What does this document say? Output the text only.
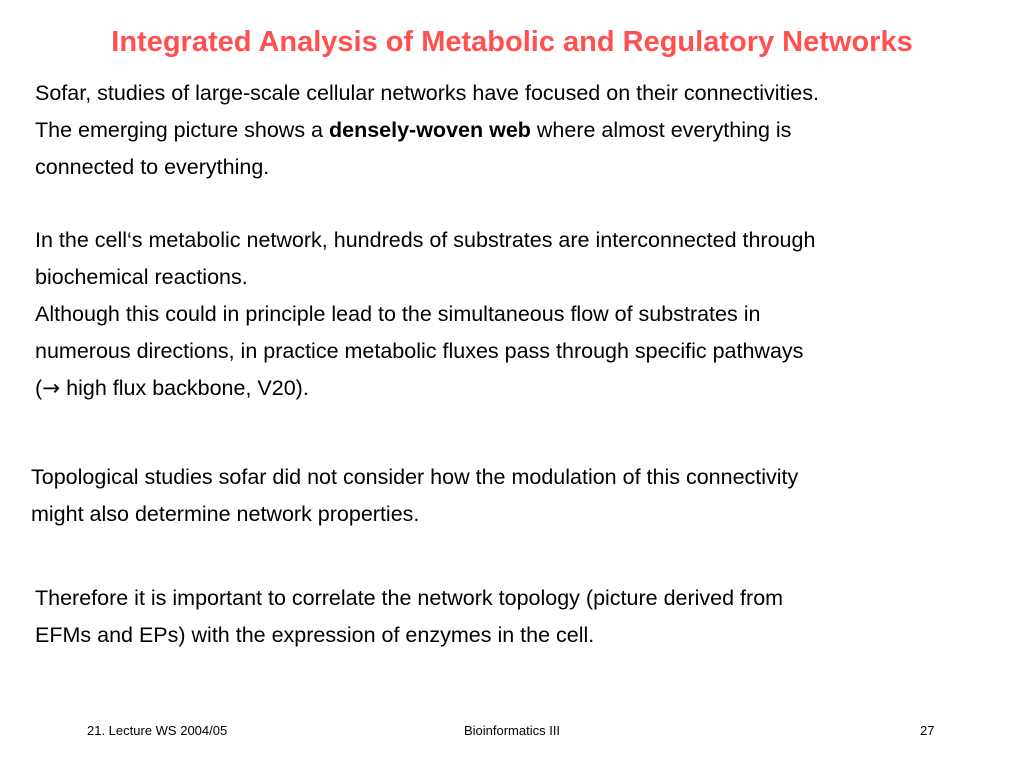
Integrated Analysis of Metabolic and Regulatory Networks
Sofar, studies of large-scale cellular networks have focused on their connectivities.
The emerging picture shows a densely-woven web where almost everything is
connected to everything.
In the cell‘s metabolic network, hundreds of substrates are interconnected through
biochemical reactions.
Although this could in principle lead to the simultaneous flow of substrates in
numerous directions, in practice metabolic fluxes pass through specific pathways
(→ high flux backbone, V20).
Topological studies sofar did not consider how the modulation of this connectivity
might also determine network properties.
Therefore it is important to correlate the network topology (picture derived from
EFMs and EPs) with the expression of enzymes in the cell.
21. Lecture WS 2004/05	Bioinformatics III	27
